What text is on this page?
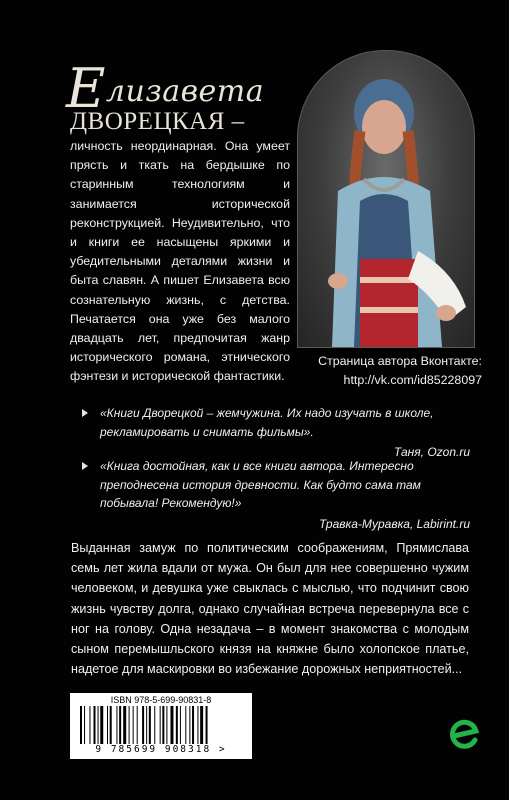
Елизавета
ДВОРЕЦКАЯ –
личность неординарная. Она умеет прясть и ткать на бердышке по старинным технологиям и занимается исторической реконструкцией. Неудивительно, что и книги ее насыщены яркими и убедительными деталями жизни и быта славян. А пишет Елизавета всю сознательную жизнь, с детства. Печатается она уже без малого двадцать лет, предпочитая жанр исторического романа, этнического фэнтези и исторической фантастики.
Страница автора Вконтакте:
http://vk.com/id85228097
«Книги Дворецкой – жемчужина. Их надо изучать в школе, рекламировать и снимать фильмы».
Таня, Ozon.ru
«Книга достойная, как и все книги автора. Интересно преподнесена история древности. Как будто сама там побывала! Рекомендую!»
Травка-Муравка, Labirint.ru
Выданная замуж по политическим соображениям, Прямислава семь лет жила вдали от мужа. Он был для нее совершенно чужим человеком, и девушка уже свыклась с мыслью, что подчинит свою жизнь чувству долга, однако случайная встреча перевернула все с ног на голову. Одна незадача – в момент знакомства с молодым сыном перемышльского князя на княжне было холопское платье, надетое для маскировки во избежание дорожных неприятностей...
ISBN 978-5-699-90831-8
9 785699 908318 >
